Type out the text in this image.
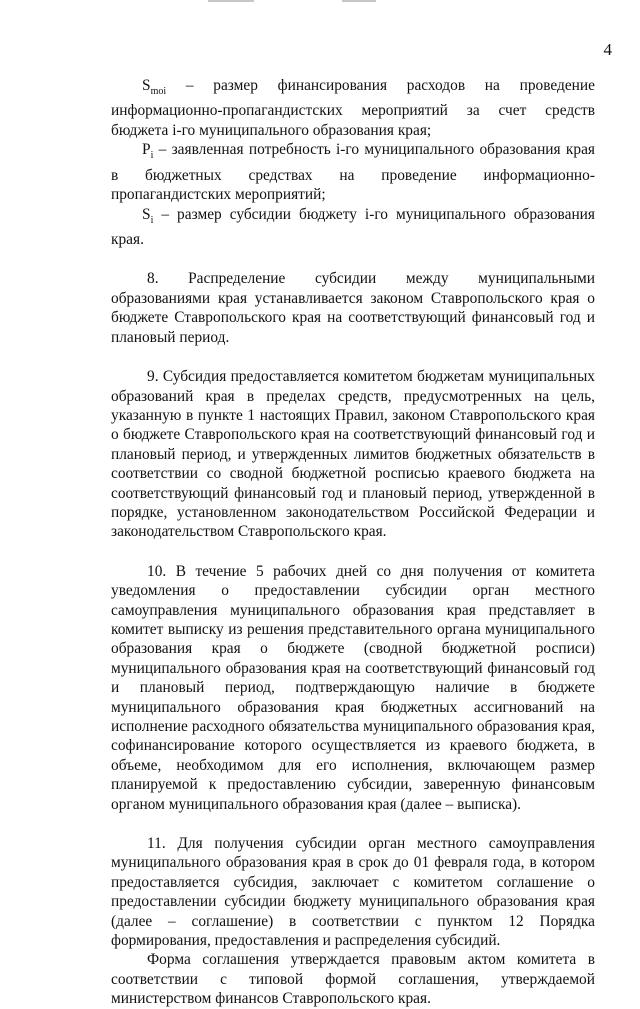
4

$S_{moi}$ – размер финансирования расходов на проведение информационно-пропагандистских мероприятий за счет средств бюджета i-го муниципального образования края;

$P_i$ – заявленная потребность i-го муниципального образования края в бюджетных средствах на проведение информационно-пропагандистских мероприятий;

$S_i$ – размер субсидии бюджету i-го муниципального образования края.

8. Распределение субсидии между муниципальными образованиями края устанавливается законом Ставропольского края о бюджете Ставропольского края на соответствующий финансовый год и плановый период.

9. Субсидия предоставляется комитетом бюджетам муниципальных образований края в пределах средств, предусмотренных на цель, указанную в пункте 1 настоящих Правил, законом Ставропольского края о бюджете Ставропольского края на соответствующий финансовый год и плановый период, и утвержденных лимитов бюджетных обязательств в соответствии со сводной бюджетной росписью краевого бюджета на соответствующий финансовый год и плановый период, утвержденной в порядке, установленном законодательством Российской Федерации и законодательством Ставропольского края.

10. В течение 5 рабочих дней со дня получения от комитета уведомления о предоставлении субсидии орган местного самоуправления муниципального образования края представляет в комитет выписку из решения представительного органа муниципального образования края о бюджете (сводной бюджетной росписи) муниципального образования края на соответствующий финансовый год и плановый период, подтверждающую наличие в бюджете муниципального образования края бюджетных ассигнований на исполнение расходного обязательства муниципального образования края, софинансирование которого осуществляется из краевого бюджета, в объеме, необходимом для его исполнения, включающем размер планируемой к предоставлению субсидии, заверенную финансовым органом муниципального образования края (далее – выписка).

11. Для получения субсидии орган местного самоуправления муниципального образования края в срок до 01 февраля года, в котором предоставляется субсидия, заключает с комитетом соглашение о предоставлении субсидии бюджету муниципального образования края (далее – соглашение) в соответствии с пунктом 12 Порядка формирования, предоставления и распределения субсидий.

Форма соглашения утверждается правовым актом комитета в соответствии с типовой формой соглашения, утверждаемой министерством финансов Ставропольского края.
